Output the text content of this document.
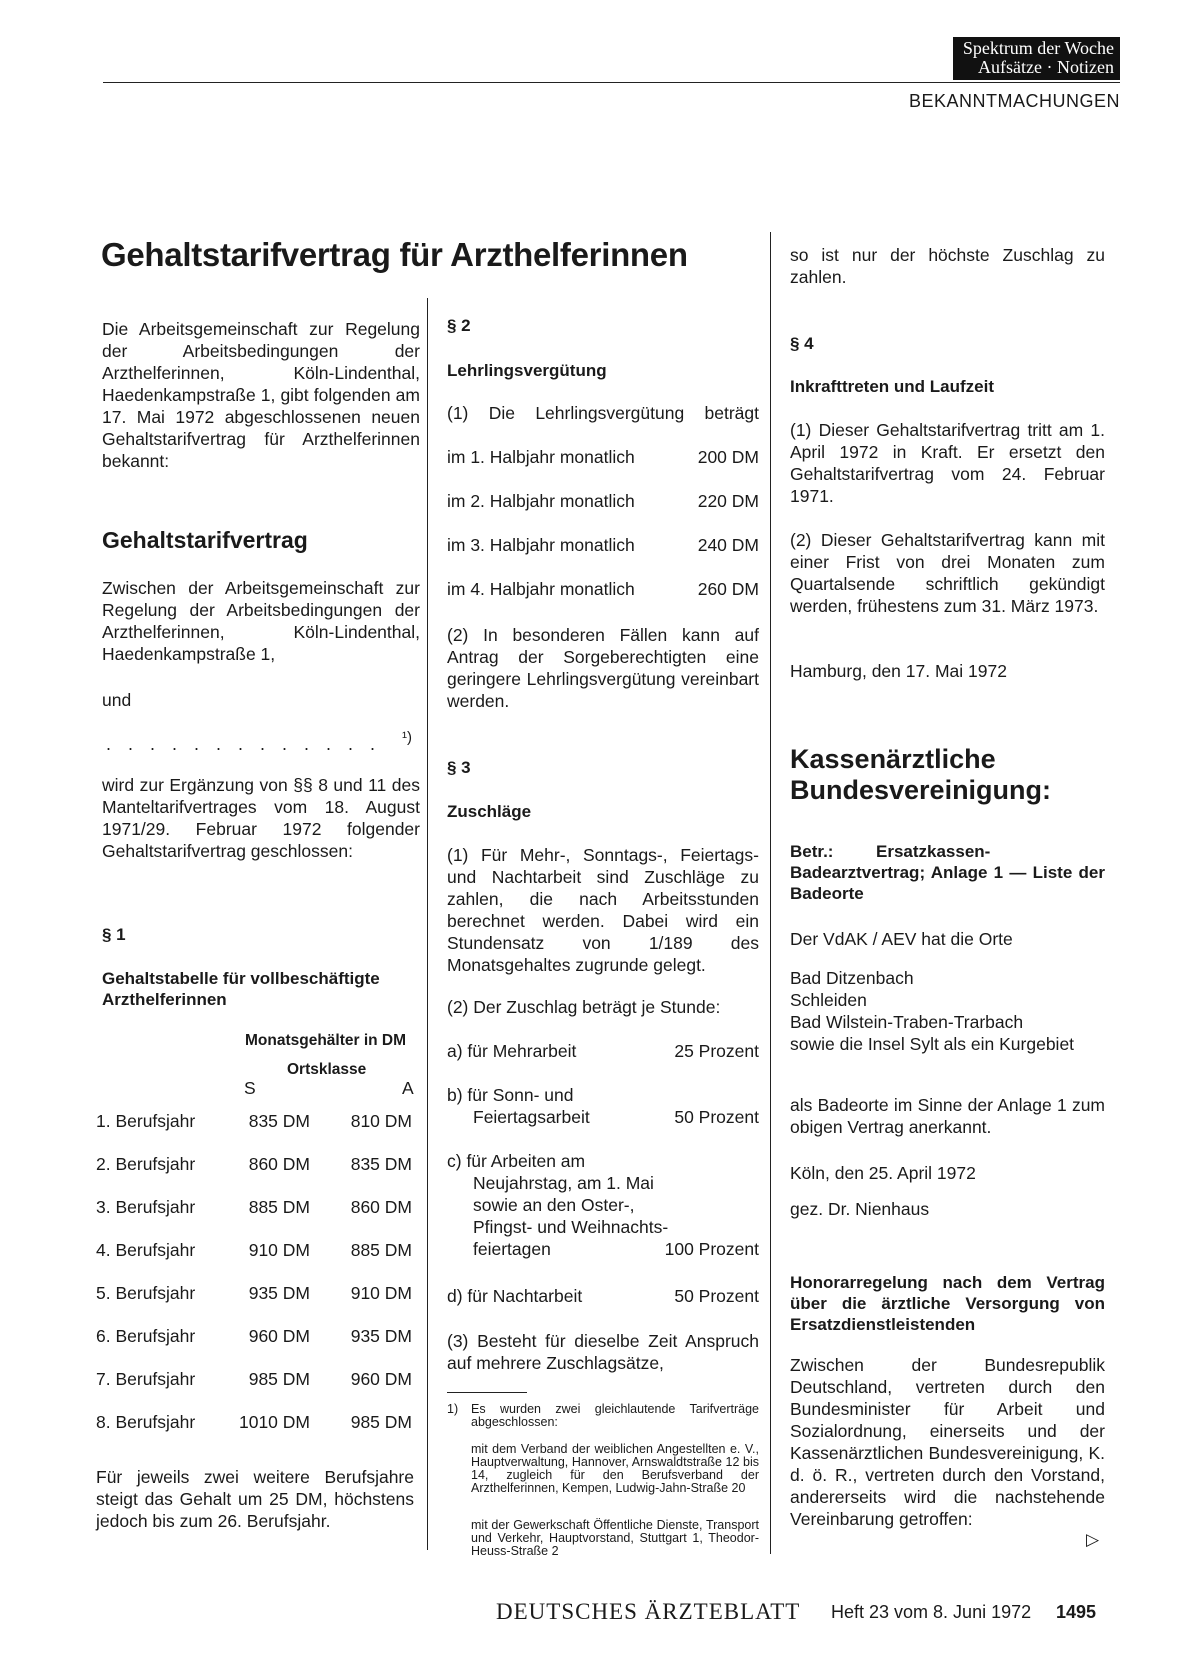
Spektrum der Woche
Aufsätze · Notizen
BEKANNTMACHUNGEN
Gehaltstarifvertrag für Arzthelferinnen

Die Arbeitsgemeinschaft zur Regelung der Arbeitsbedingungen der Arzthelferinnen, Köln-Lindenthal, Haedenkampstraße 1, gibt folgenden am 17. Mai 1972 abgeschlossenen neuen Gehaltstarifvertrag für Arzthelferinnen bekannt:

Gehaltstarifvertrag

Zwischen der Arbeitsgemeinschaft zur Regelung der Arbeitsbedingungen der Arzthelferinnen, Köln-Lindenthal, Haedenkampstraße 1,

und
. . . . . . . . . . . . . ¹)

wird zur Ergänzung von §§ 8 und 11 des Manteltarifvertrages vom 18. August 1971/29. Februar 1972 folgender Gehaltstarifvertrag geschlossen:

§ 1
Gehaltstabelle für vollbeschäftigte Arzthelferinnen
Monatsgehälter in DM
Ortsklasse
S	A
1. Berufsjahr	835 DM 810 DM
2. Berufsjahr	860 DM 835 DM
3. Berufsjahr	885 DM 860 DM
4. Berufsjahr	910 DM 885 DM
5. Berufsjahr	935 DM 910 DM
6. Berufsjahr	960 DM 935 DM
7. Berufsjahr	985 DM 960 DM
8. Berufsjahr	1010 DM 985 DM

Für jeweils zwei weitere Berufsjahre steigt das Gehalt um 25 DM, höchstens jedoch bis zum 26. Berufsjahr.

§ 2
Lehrlingsvergütung

(1) Die Lehrlingsvergütung beträgt

im 1. Halbjahr monatlich	200 DM
im 2. Halbjahr monatlich	220 DM
im 3. Halbjahr monatlich	240 DM
im 4. Halbjahr monatlich	260 DM

(2) In besonderen Fällen kann auf Antrag der Sorgeberechtigten eine geringere Lehrlingsvergütung vereinbart werden.

§ 3
Zuschläge

(1) Für Mehr-, Sonntags-, Feiertags- und Nachtarbeit sind Zuschläge zu zahlen, die nach Arbeitsstunden berechnet werden. Dabei wird ein Stundensatz von 1/189 des Monatsgehaltes zugrunde gelegt.

(2) Der Zuschlag beträgt je Stunde:
a) für Mehrarbeit	25 Prozent
b) für Sonn- und
Feiertagsarbeit	50 Prozent
c) für Arbeiten am
Neujahrstag, am 1. Mai
sowie an den Oster-,
Pfingst- und Weihnachts-
feiertagen	100 Prozent
d) für Nachtarbeit	50 Prozent

(3) Besteht für dieselbe Zeit Anspruch auf mehrere Zuschlagsätze,

1) Es wurden zwei gleichlautende Tarifverträge abgeschlossen:

mit dem Verband der weiblichen Angestellten e. V., Hauptverwaltung, Hannover, Arnswaldtstraße 12 bis 14, zugleich für den Berufsverband der Arzthelferinnen, Kempen, Ludwig-Jahn-Straße 20

mit der Gewerkschaft Öffentliche Dienste, Transport und Verkehr, Hauptvorstand, Stuttgart 1, Theodor-Heuss-Straße 2

so ist nur der höchste Zuschlag zu zahlen.

§ 4
Inkrafttreten und Laufzeit

(1) Dieser Gehaltstarifvertrag tritt am 1. April 1972 in Kraft. Er ersetzt den Gehaltstarifvertrag vom 24. Februar 1971.

(2) Dieser Gehaltstarifvertrag kann mit einer Frist von drei Monaten zum Quartalsende schriftlich gekündigt werden, frühestens zum 31. März 1973.

Hamburg, den 17. Mai 1972
Kassenärztliche
Bundesvereinigung:
Betr.:	Ersatzkassen-Badearztvertrag; Anlage 1 — Liste der Badeorte

Der VdAK / AEV hat die Orte
Bad Ditzenbach
Schleiden
Bad Wilstein-Traben-Trarbach

sowie die Insel Sylt als ein Kurgebiet

als Badeorte im Sinne der Anlage 1 zum obigen Vertrag anerkannt.

Köln, den 25. April 1972
gez. Dr. Nienhaus

Honorarregelung nach dem Vertrag über die ärztliche Versorgung von Ersatzdienstleistenden

Zwischen der Bundesrepublik Deutschland, vertreten durch den Bundesminister für Arbeit und Sozialordnung, einerseits und der Kassenärztlichen Bundesvereinigung, K. d. ö. R., vertreten durch den Vorstand, andererseits wird die nachstehende Vereinbarung getroffen:

▷
DEUTSCHES ÄRZTEBLATT Heft 23 vom 8. Juni 1972 1495
